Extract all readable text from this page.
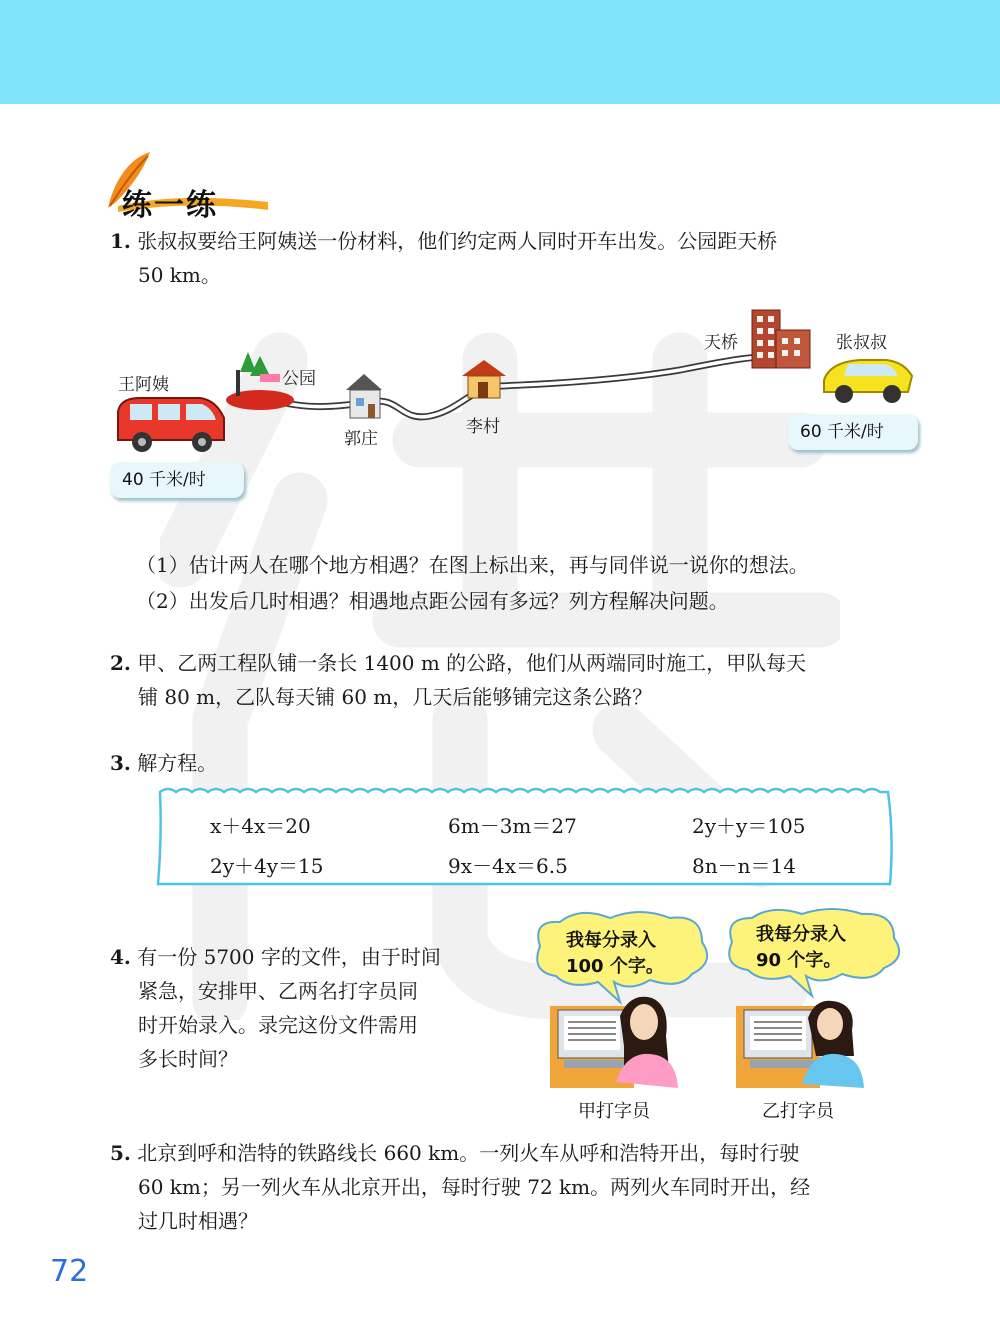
练一练
1. 张叔叔要给王阿姨送一份材料，他们约定两人同时开车出发。公园距天桥
50 km。
王阿姨	公园
郭庄
李村
天桥	张叔叔
40 千米/时
60 千米/时
（1）估计两人在哪个地方相遇？在图上标出来，再与同伴说一说你的想法。
（2）出发后几时相遇？相遇地点距公园有多远？列方程解决问题。
2. 甲、乙两工程队铺一条长 1400 m 的公路，他们从两端同时施工，甲队每天
铺 80 m，乙队每天铺 60 m，几天后能够铺完这条公路？
3. 解方程。
x＋4x＝20	6m－3m＝27	2y＋y＝105
2y＋4y＝15	9x－4x＝6.5	8n－n＝14
4. 有一份 5700 字的文件，由于时间
紧急，安排甲、乙两名打字员同
时开始录入。录完这份文件需用
多长时间？
我每分录入
100 个字。
我每分录入
90 个字。
甲打字员	乙打字员
5. 北京到呼和浩特的铁路线长 660 km。一列火车从呼和浩特开出，每时行驶
60 km；另一列火车从北京开出，每时行驶 72 km。两列火车同时开出，经
过几时相遇？
72
